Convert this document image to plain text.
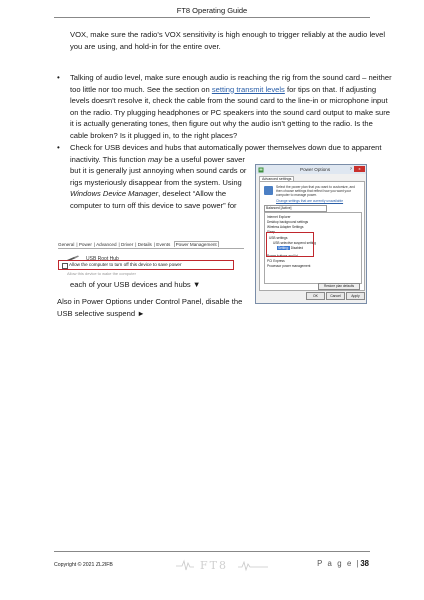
FT8 Operating Guide
VOX, make sure the radio's VOX sensitivity is high enough to trigger reliably at the audio level
you are using, and hold-in for the entire over.
• Talking of audio level, make sure enough audio is reaching the rig from the sound card – neither
too little nor too much. See the section on setting transmit levels for tips on that. If adjusting
levels doesn't resolve it, check the cable from the sound card to the line-in or microphone input
on the radio. Try plugging headphones or PC speakers into the sound card output to make sure
it is actually generating tones, then figure out why the audio isn't getting to the radio. Is the
cable broken? Is it plugged in, to the right places?
• Check for USB devices and hubs that automatically power themselves down due to apparent
inactivity. This function may be a useful power saver
but it is generally just annoying when sound cards or
rigs mysteriously disappear from the system. Using
Windows Device Manager, deselect “Allow the
computer to turn off this device to save power” for
General | Power | Advanced | Driver | Details | Events Power Management
USB Root Hub
Allow the computer to turn off this device to save power
Allow this device to wake the computer
each of your USB devices and hubs ▼
Also in Power Options under Control Panel, disable the
USB selective suspend ►
Power Options	?	x
Advanced settings
Select the power plan that you want to customize, and then choose settings that reflect how you want your computer to manage power.
Change settings that are currently unavailable
Balanced [Active]
Internet Explorer
Desktop background settings
Wireless Adapter Settings
Sleep
USB settings
USB selective suspend setting
Setting: Disabled
Power buttons and lid
PCI Express
Processor power management
Restore plan defaults
OK	Cancel	Apply
Copyright © 2021 ZL2IFB	FT8	P a g e |38
